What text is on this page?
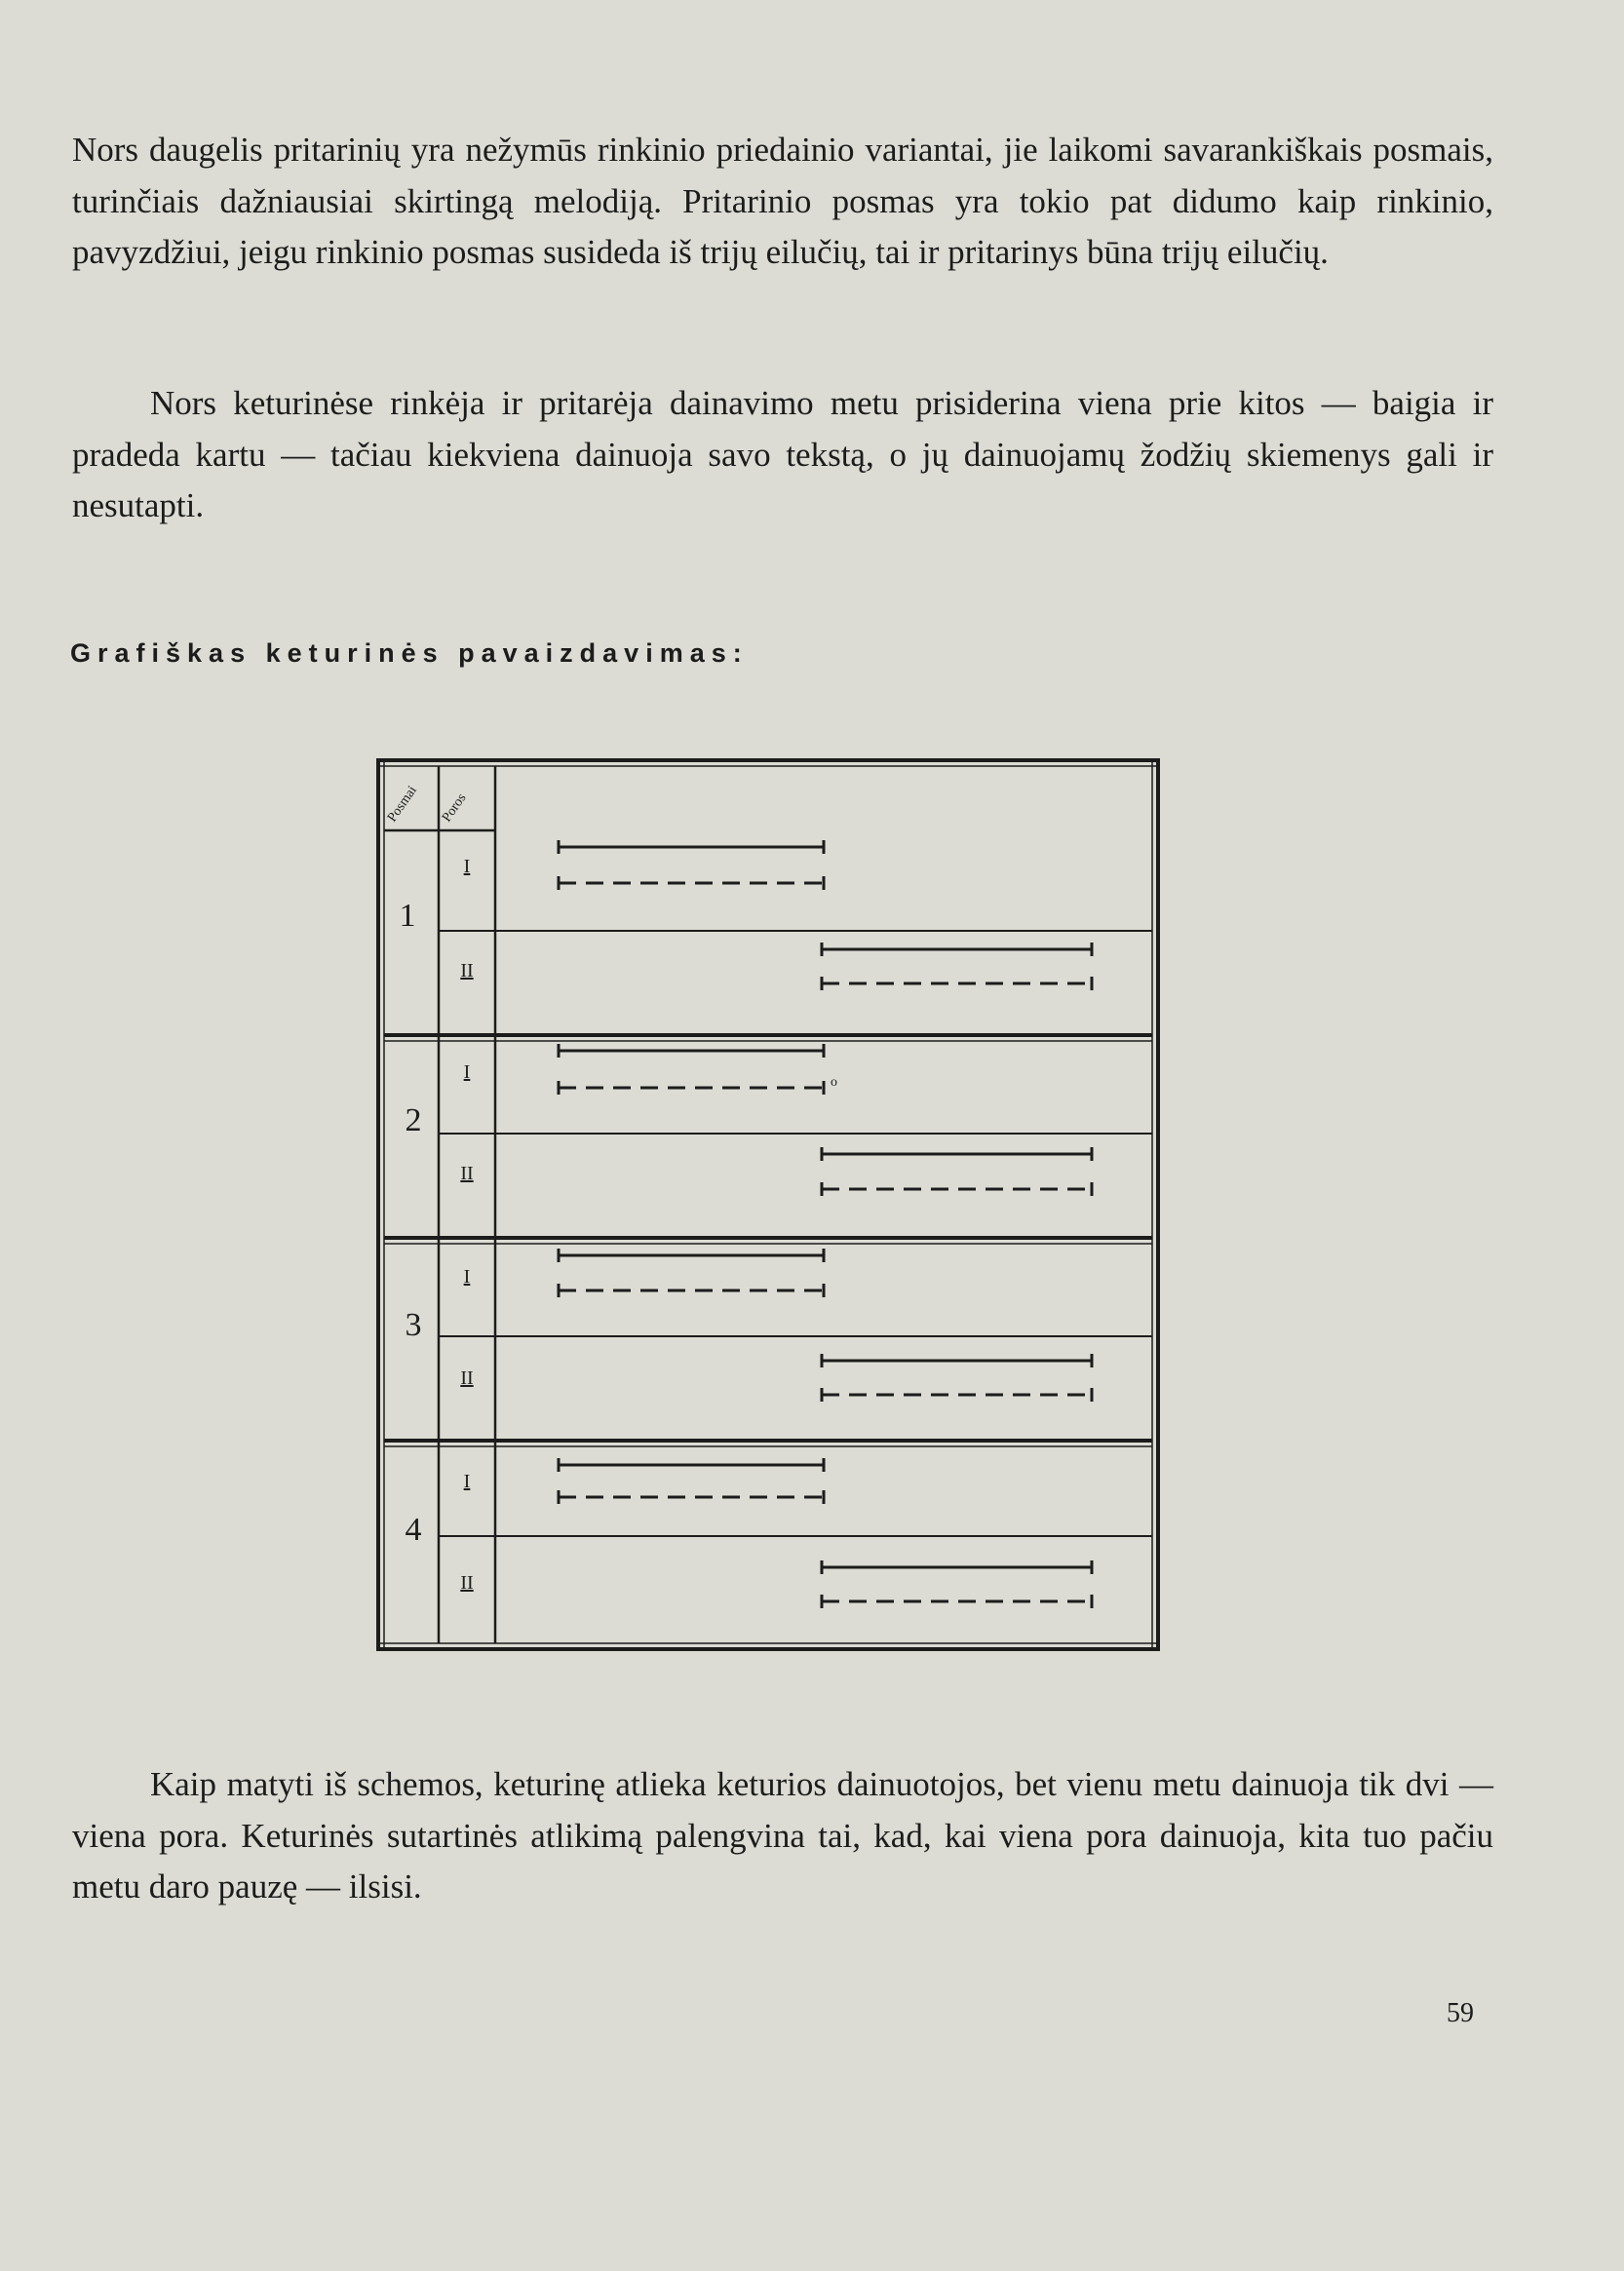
Nors daugelis pritarinių yra nežymūs rinkinio priedainio variantai, jie laikomi savarankiškais posmais, turinčiais dažniausiai skirtingą melodiją. Pritarinio posmas yra tokio pat didumo kaip rinkinio, pavyzdžiui, jeigu rinkinio posmas susideda iš trijų eilučių, tai ir pritarinys būna trijų eilučių.

Nors keturinėse rinkėja ir pritarėja dainavimo metu prisiderina viena prie kitos — baigia ir pradeda kartu — tačiau kiekviena dainuoja savo tekstą, o jų dainuojamų žodžių skiemenys gali ir nesutapti.

Grafiškas keturinės pavaizdavimas:

Posmai Poros
1
I
II
2
I
II
o
3
I
II
4
I
II

Kaip matyti iš schemos, keturinę atlieka keturios dainuotojos, bet vienu metu dainuoja tik dvi — viena pora. Keturinės sutartinės atlikimą palengvina tai, kad, kai viena pora dainuoja, kita tuo pačiu metu daro pauzę — ilsisi.

59
